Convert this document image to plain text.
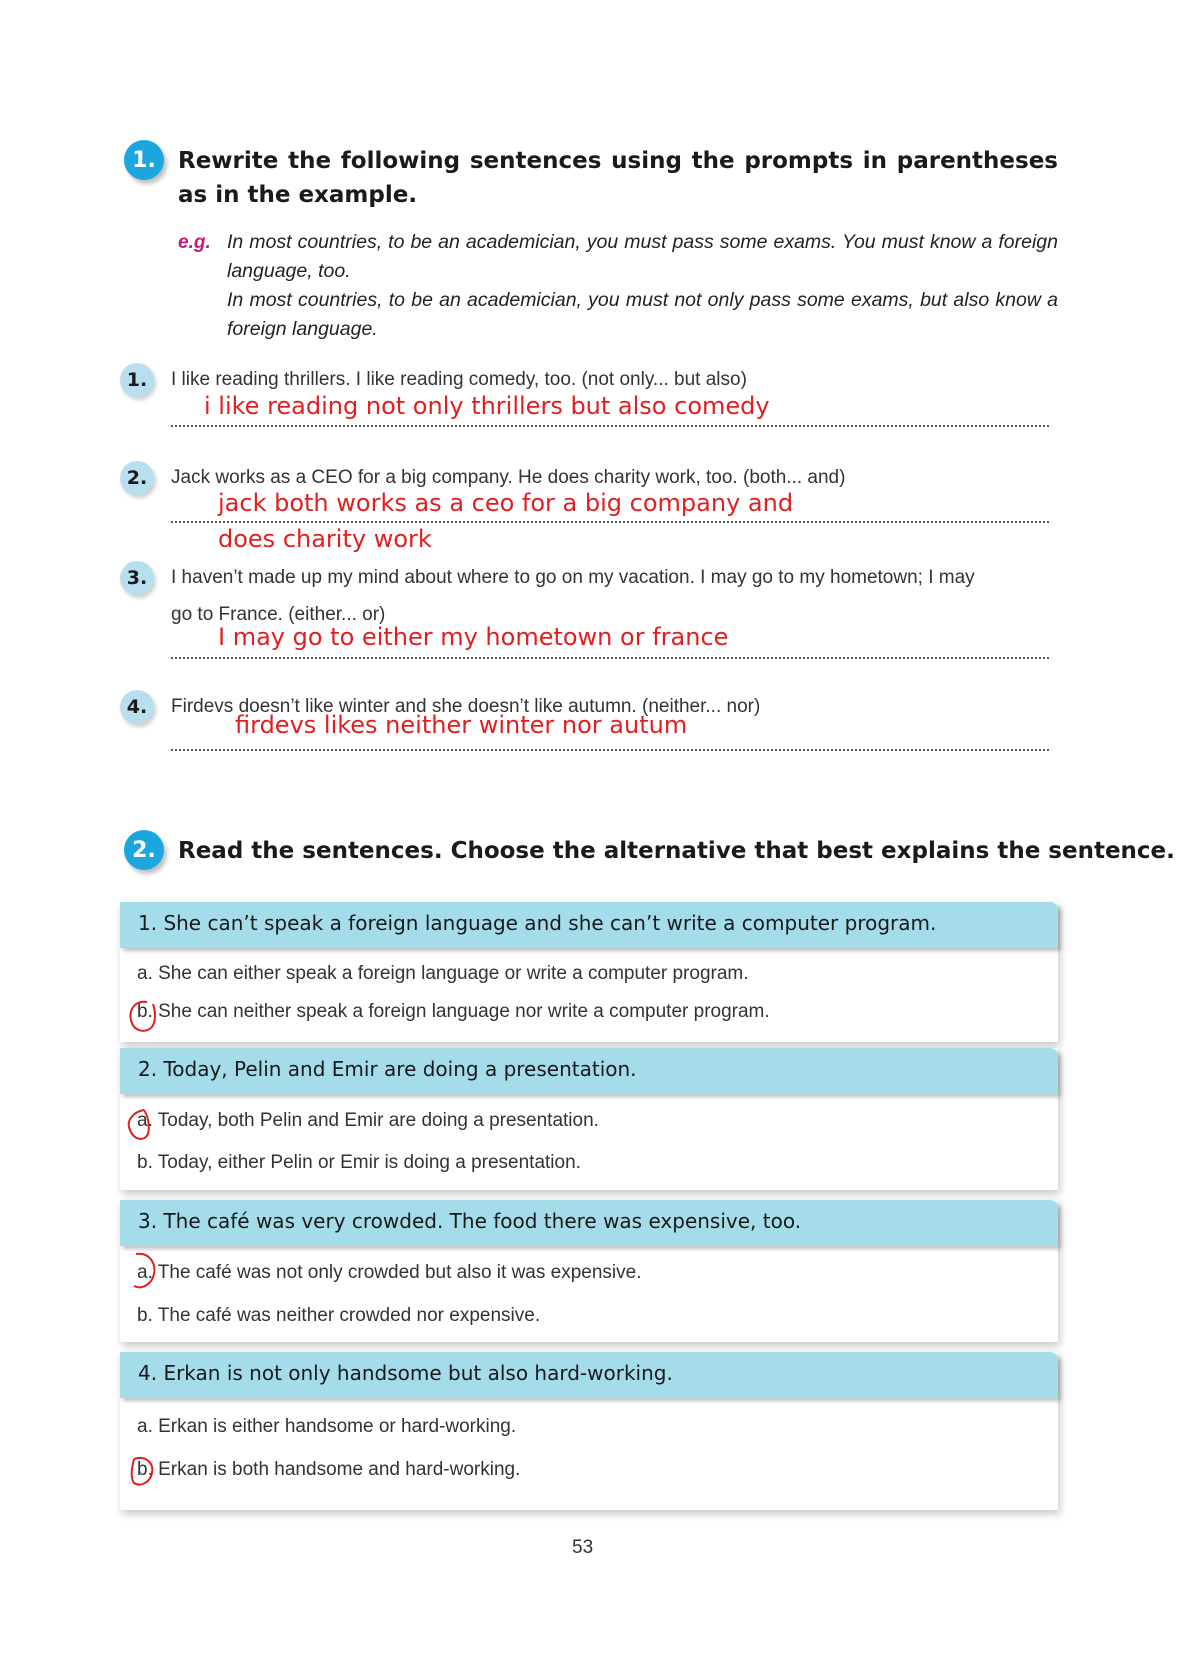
1. Rewrite the following sentences using the prompts in parentheses as in the example.
e.g. In most countries, to be an academician, you must pass some exams. You must know a foreign language, too.
In most countries, to be an academician, you must not only pass some exams, but also know a foreign language.
1.	I like reading thrillers. I like reading comedy, too. (not only... but also)
i like reading not only thrillers but also comedy
2.	Jack works as a CEO for a big company. He does charity work, too. (both... and)
jack both works as a ceo for a big company and
does charity work
3.	I haven’t made up my mind about where to go on my vacation. I may go to my hometown; I may
go to France. (either... or)
I may go to either my hometown or france
4.	Firdevs doesn’t like winter and she doesn’t like autumn. (neither... nor)
firdevs likes neither winter nor autum
2. Read the sentences. Choose the alternative that best explains the sentence.
1. She can’t speak a foreign language and she can’t write a computer program.
a. She can either speak a foreign language or write a computer program.
b. She can neither speak a foreign language nor write a computer program.
2. Today, Pelin and Emir are doing a presentation.
a. Today, both Pelin and Emir are doing a presentation.
b. Today, either Pelin or Emir is doing a presentation.
3. The café was very crowded. The food there was expensive, too.
a. The café was not only crowded but also it was expensive.
b. The café was neither crowded nor expensive.
4. Erkan is not only handsome but also hard-working.
a. Erkan is either handsome or hard-working.
b. Erkan is both handsome and hard-working.
53
